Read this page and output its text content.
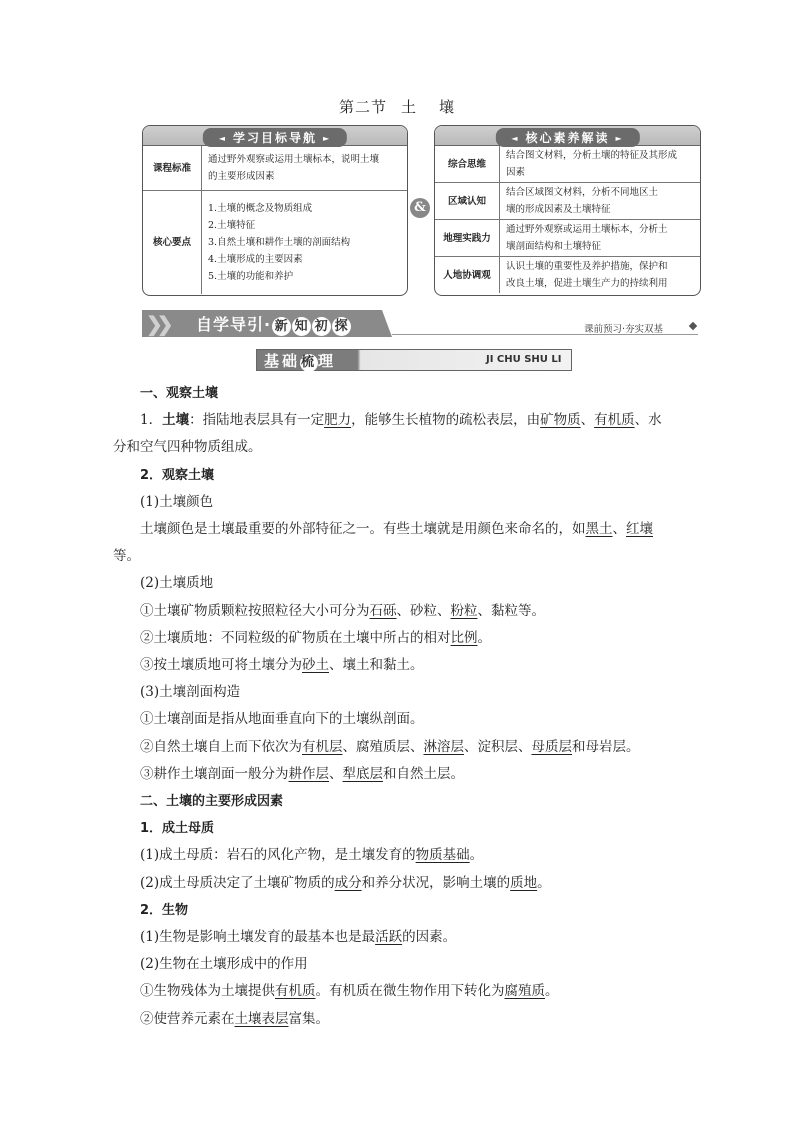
第二节 土 壤
◄ 学习目标导航 ►
课程标准	通过野外观察或运用土壤标本，说明土壤
的主要形成因素

核心要点	1.土壤的概念及物质组成
2.土壤特征
3.自然土壤和耕作土壤的剖面结构
4.土壤形成的主要因素
5.土壤的功能和养护
&
◄ 核心素养解读 ►
综合思维	结合图文材料，分析土壤的特征及其形成
因素

区域认知	结合区域图文材料，分析不同地区土
壤的形成因素及土壤特征

地理实践力	通过野外观察或运用土壤标本，分析土
壤剖面结构和土壤特征

人地协调观	认识土壤的重要性及养护措施，保护和
改良土壤，促进土壤生产力的持续利用
❯❯ 自学导引· 新 知 初 探	课前预习·夯实双基
基础梳理	JI CHU SHU LI

一、观察土壤

1．土壤：指陆地表层具有一定肥力，能够生长植物的疏松表层，由矿物质、有机质、水

分和空气四种物质组成。

2．观察土壤

(1)土壤颜色

土壤颜色是土壤最重要的外部特征之一。有些土壤就是用颜色来命名的，如黑土、红壤

等。

(2)土壤质地

①土壤矿物质颗粒按照粒径大小可分为石砾、砂粒、粉粒、黏粒等。

②土壤质地：不同粒级的矿物质在土壤中所占的相对比例。

③按土壤质地可将土壤分为砂土、壤土和黏土。

(3)土壤剖面构造

①土壤剖面是指从地面垂直向下的土壤纵剖面。

②自然土壤自上而下依次为有机层、腐殖质层、淋溶层、淀积层、母质层和母岩层。

③耕作土壤剖面一般分为耕作层、犁底层和自然土层。

二、土壤的主要形成因素

1．成土母质

(1)成土母质：岩石的风化产物，是土壤发育的物质基础。

(2)成土母质决定了土壤矿物质的成分和养分状况，影响土壤的质地。

2．生物

(1)生物是影响土壤发育的最基本也是最活跃的因素。

(2)生物在土壤形成中的作用

①生物残体为土壤提供有机质。有机质在微生物作用下转化为腐殖质。

②使营养元素在土壤表层富集。
